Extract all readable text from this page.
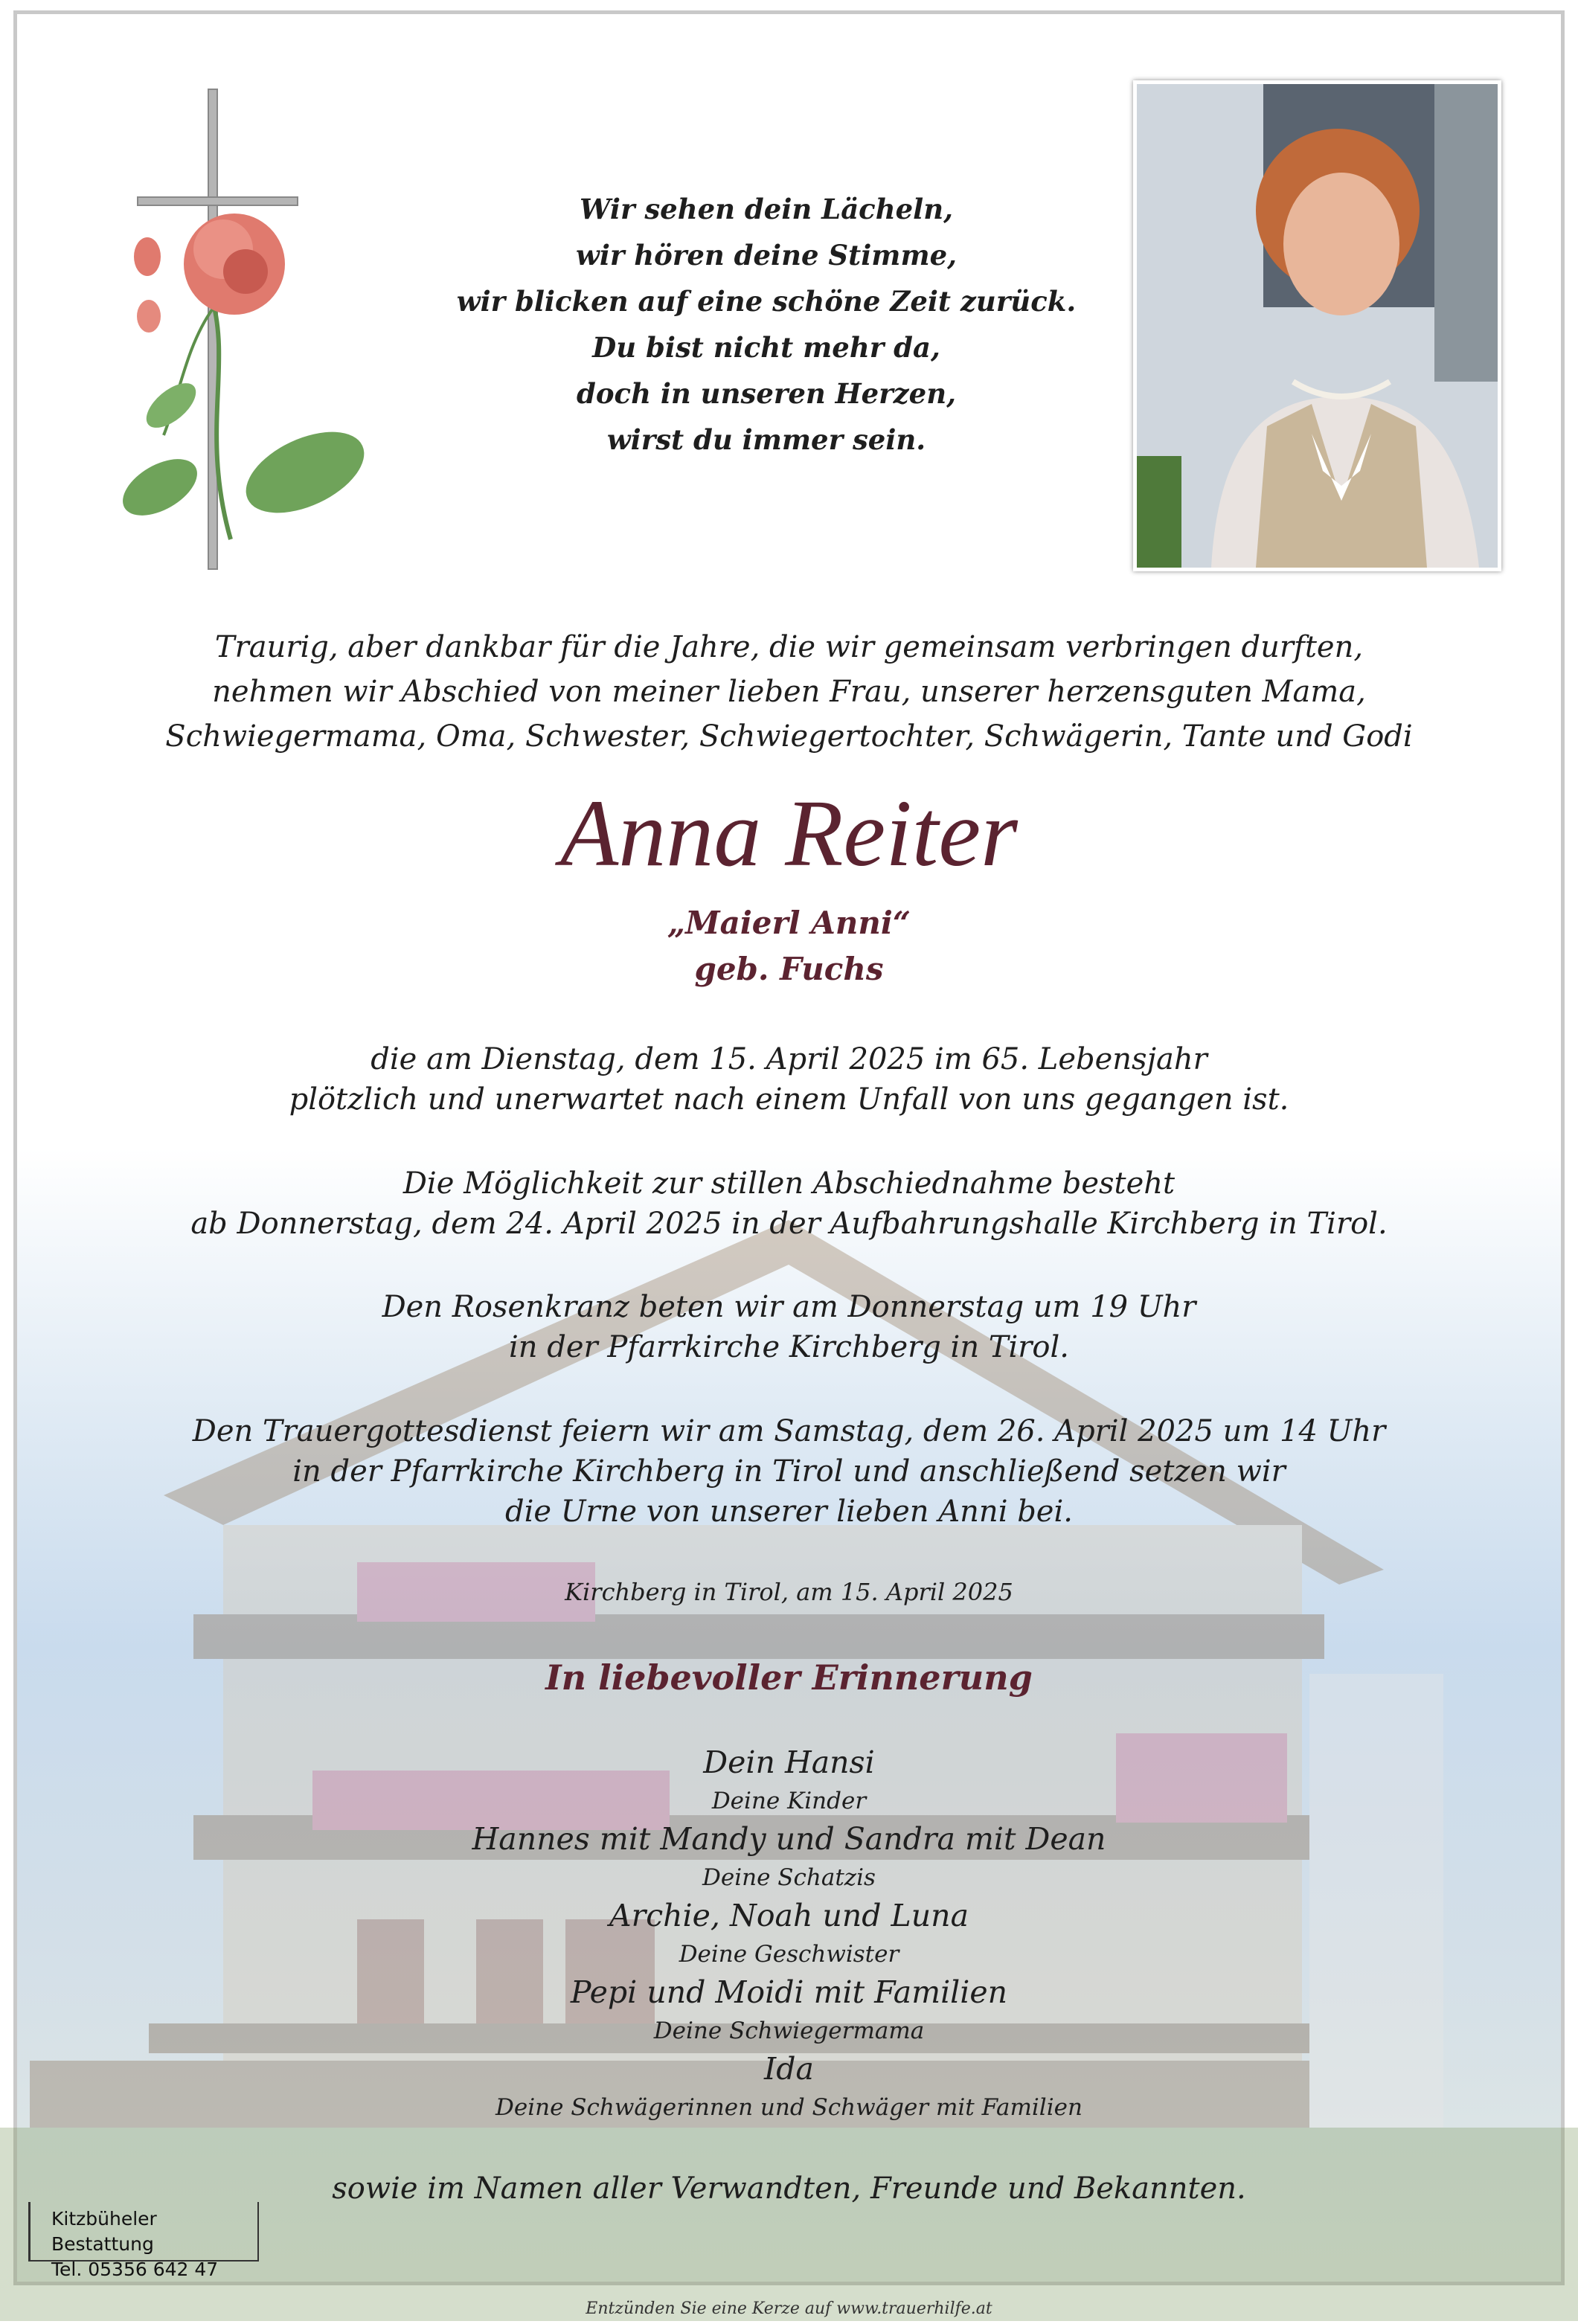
Wir sehen dein Lächeln,
wir hören deine Stimme,
wir blicken auf eine schöne Zeit zurück.
Du bist nicht mehr da,
doch in unseren Herzen,
wirst du immer sein.
Traurig, aber dankbar für die Jahre, die wir gemeinsam verbringen durften,
nehmen wir Abschied von meiner lieben Frau, unserer herzensguten Mama,
Schwiegermama, Oma, Schwester, Schwiegertochter, Schwägerin, Tante und Godi
Anna Reiter
„Maierl Anni“
geb. Fuchs
die am Dienstag, dem 15. April 2025 im 65. Lebensjahr
plötzlich und unerwartet nach einem Unfall von uns gegangen ist.
Die Möglichkeit zur stillen Abschiednahme besteht
ab Donnerstag, dem 24. April 2025 in der Aufbahrungshalle Kirchberg in Tirol.
Den Rosenkranz beten wir am Donnerstag um 19 Uhr
in der Pfarrkirche Kirchberg in Tirol.
Den Trauergottesdienst feiern wir am Samstag, dem 26. April 2025 um 14 Uhr
in der Pfarrkirche Kirchberg in Tirol und anschließend setzen wir
die Urne von unserer lieben Anni bei.
Kirchberg in Tirol, am 15. April 2025
In liebevoller Erinnerung
Dein Hansi
Deine Kinder
Hannes mit Mandy und Sandra mit Dean
Deine Schatzis
Archie, Noah und Luna
Deine Geschwister
Pepi und Moidi mit Familien
Deine Schwiegermama
Ida
Deine Schwägerinnen und Schwäger mit Familien
sowie im Namen aller Verwandten, Freunde und Bekannten.
Kitzbüheler Bestattung
Tel. 05356 642 47
Entzünden Sie eine Kerze auf www.trauerhilfe.at
